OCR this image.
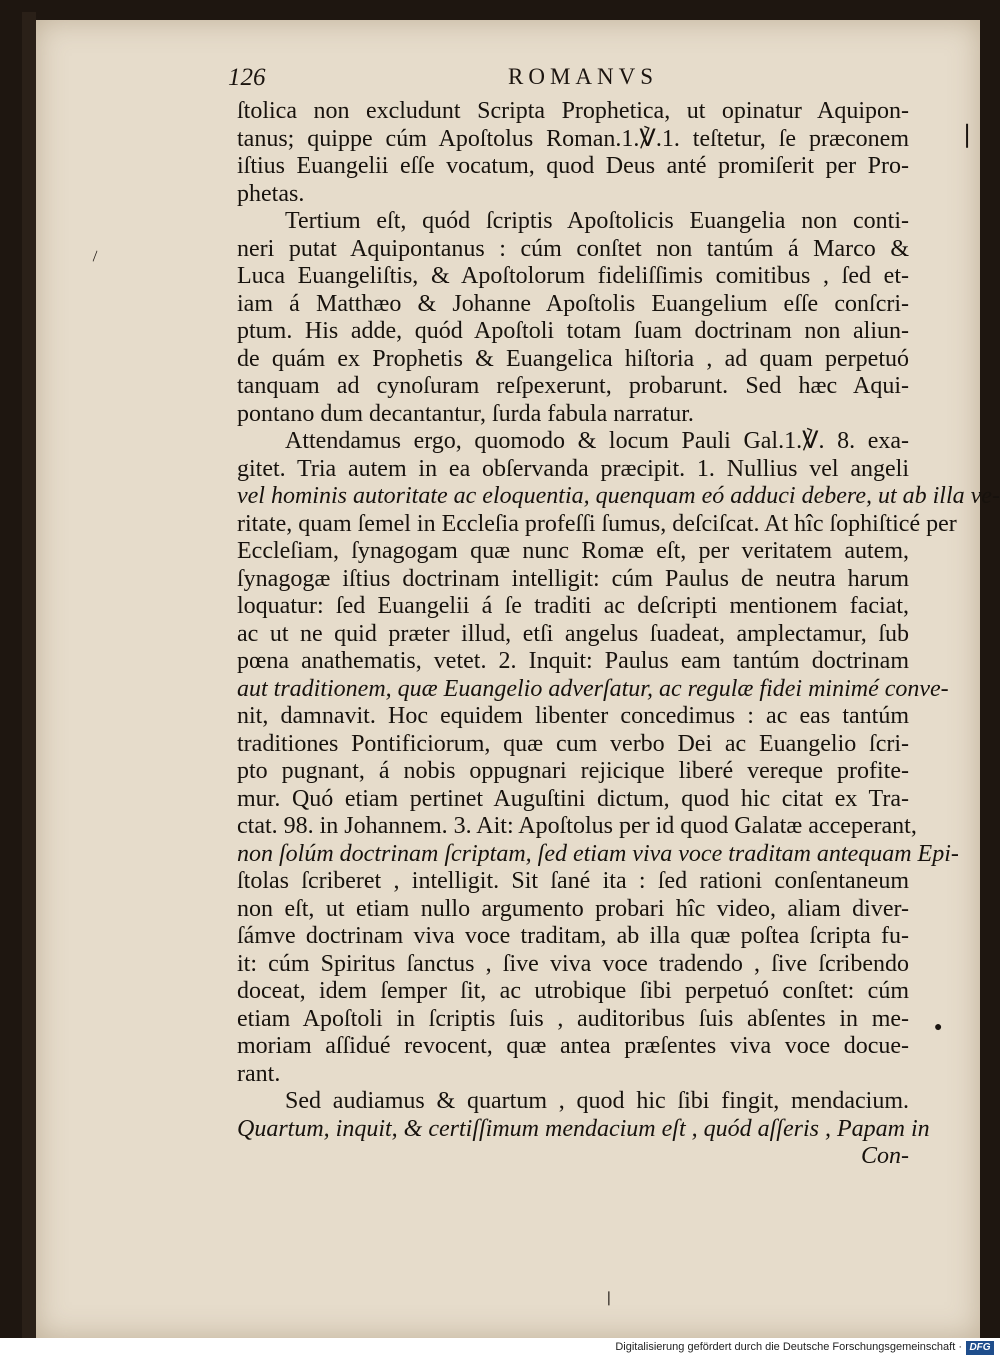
126	ROMANVS
ſtolica non excludunt Scripta Prophetica, ut opinatur Aquipon-
tanus; quippe cúm Apoſtolus Roman.1.℣.1. teſtetur, ſe præconem
iſtius Euangelii eſſe vocatum, quod Deus anté promiſerit per Pro-
phetas.
Tertium eſt, quód ſcriptis Apoſtolicis Euangelia non conti-
neri putat Aquipontanus : cúm conſtet non tantúm á Marco &
Luca Euangeliſtis, & Apoſtolorum fideliſſimis comitibus , ſed et-
iam á Matthæo & Johanne Apoſtolis Euangelium eſſe conſcri-
ptum. His adde, quód Apoſtoli totam ſuam doctrinam non aliun-
de quám ex Prophetis & Euangelica hiſtoria , ad quam perpetuó
tanquam ad cynoſuram reſpexerunt, probarunt. Sed hæc Aqui-
pontano dum decantantur, ſurda fabula narratur.
Attendamus ergo, quomodo & locum Pauli Gal.1.℣. 8. exa-
gitet. Tria autem in ea obſervanda præcipit. 1. Nullius vel angeli
vel hominis autoritate ac eloquentia, quenquam eó adduci debere, ut ab illa ve-
ritate, quam ſemel in Eccleſia profeſſi ſumus, deſciſcat. At hîc ſophiſticé per
Eccleſiam, ſynagogam quæ nunc Romæ eſt, per veritatem autem,
ſynagogæ iſtius doctrinam intelligit: cúm Paulus de neutra harum
loquatur: ſed Euangelii á ſe traditi ac deſcripti mentionem faciat,
ac ut ne quid præter illud, etſi angelus ſuadeat, amplectamur, ſub
pœna anathematis, vetet. 2. Inquit: Paulus eam tantúm doctrinam
aut traditionem, quæ Euangelio adverſatur, ac regulæ fidei minimé conve-
nit, damnavit. Hoc equidem libenter concedimus : ac eas tantúm
traditiones Pontificiorum, quæ cum verbo Dei ac Euangelio ſcri-
pto pugnant, á nobis oppugnari rejicique liberé vereque profite-
mur. Quó etiam pertinet Auguſtini dictum, quod hic citat ex Tra-
ctat. 98. in Johannem. 3. Ait: Apoſtolus per id quod Galatæ acceperant,
non ſolúm doctrinam ſcriptam, ſed etiam viva voce traditam antequam Epi-
ſtolas ſcriberet , intelligit. Sit ſané ita : ſed rationi conſentaneum
non eſt, ut etiam nullo argumento probari hîc video, aliam diver-
ſámve doctrinam viva voce traditam, ab illa quæ poſtea ſcripta fu-
it: cúm Spiritus ſanctus , ſive viva voce tradendo , ſive ſcribendo
doceat, idem ſemper ſit, ac utrobique ſibi perpetuó conſtet: cúm
etiam Apoſtoli in ſcriptis ſuis , auditoribus ſuis abſentes in me-
moriam aſſidué revocent, quæ antea præſentes viva voce docue-
rant.
Sed audiamus & quartum , quod hic ſibi fingit, mendacium.
Quartum, inquit, & certiſſimum mendacium eſt , quód aſſeris , Papam in
Con-
❘
\
●
❘
Digitalisierung gefördert durch die Deutsche Forschungsgemeinschaft · DFG
